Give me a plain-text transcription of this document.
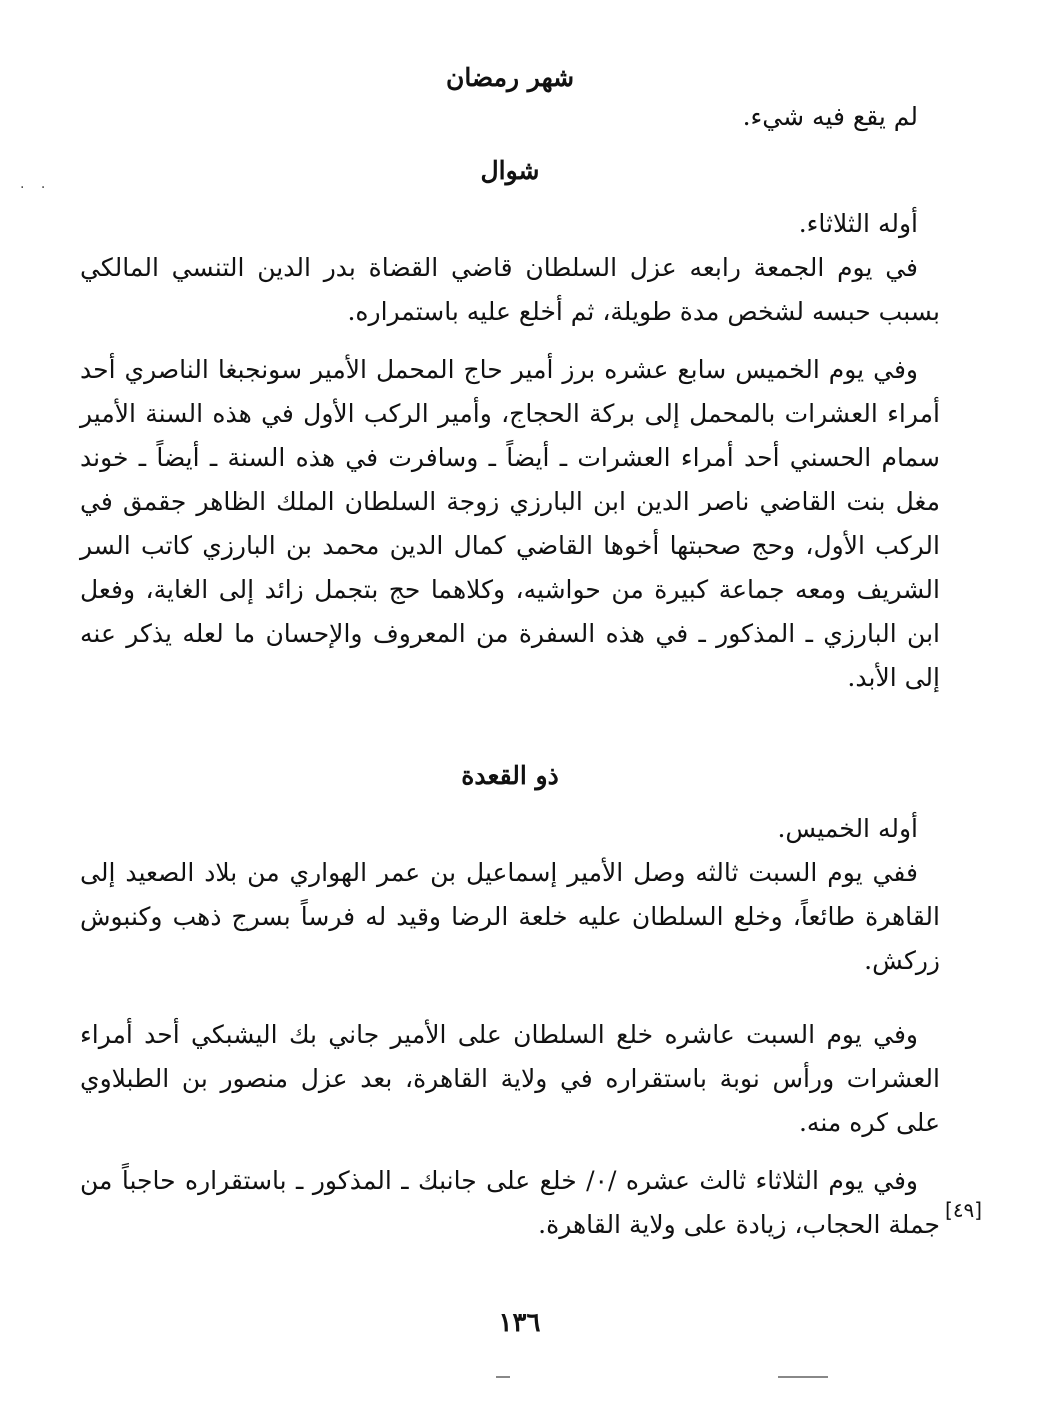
· ·
شهر رمضان

لم يقع فيه شيء.

شوال

أوله الثلاثاء.

في يوم الجمعة رابعه عزل السلطان قاضي القضاة بدر الدين التنسي المالكي بسبب حبسه لشخص مدة طويلة، ثم أخلع عليه باستمراره.

وفي يوم الخميس سابع عشره برز أمير حاج المحمل الأمير سونجبغا الناصري أحد أمراء العشرات بالمحمل إلى بركة الحجاج، وأمير الركب الأول في هذه السنة الأمير سمام الحسني أحد أمراء العشرات ـ أيضاً ـ وسافرت في هذه السنة ـ أيضاً ـ خوند مغل بنت القاضي ناصر الدين ابن البارزي زوجة السلطان الملك الظاهر جقمق في الركب الأول، وحج صحبتها أخوها القاضي كمال الدين محمد بن البارزي كاتب السر الشريف ومعه جماعة كبيرة من حواشيه، وكلاهما حج بتجمل زائد إلى الغاية، وفعل ابن البارزي ـ المذكور ـ في هذه السفرة من المعروف والإحسان ما لعله يذكر عنه إلى الأبد.

ذو القعدة

أوله الخميس.

ففي يوم السبت ثالثه وصل الأمير إسماعيل بن عمر الهواري من بلاد الصعيد إلى القاهرة طائعاً، وخلع السلطان عليه خلعة الرضا وقيد له فرساً بسرج ذهب وكنبوش زركش.

وفي يوم السبت عاشره خلع السلطان على الأمير جاني بك اليشبكي أحد أمراء العشرات ورأس نوبة باستقراره في ولاية القاهرة، بعد عزل منصور بن الطبلاوي على كره منه.

وفي يوم الثلاثاء ثالث عشره /٠/ خلع على جانبك ـ المذكور ـ باستقراره حاجباً من جملة الحجاب، زيادة على ولاية القاهرة. [٤٩]
١٣٦
